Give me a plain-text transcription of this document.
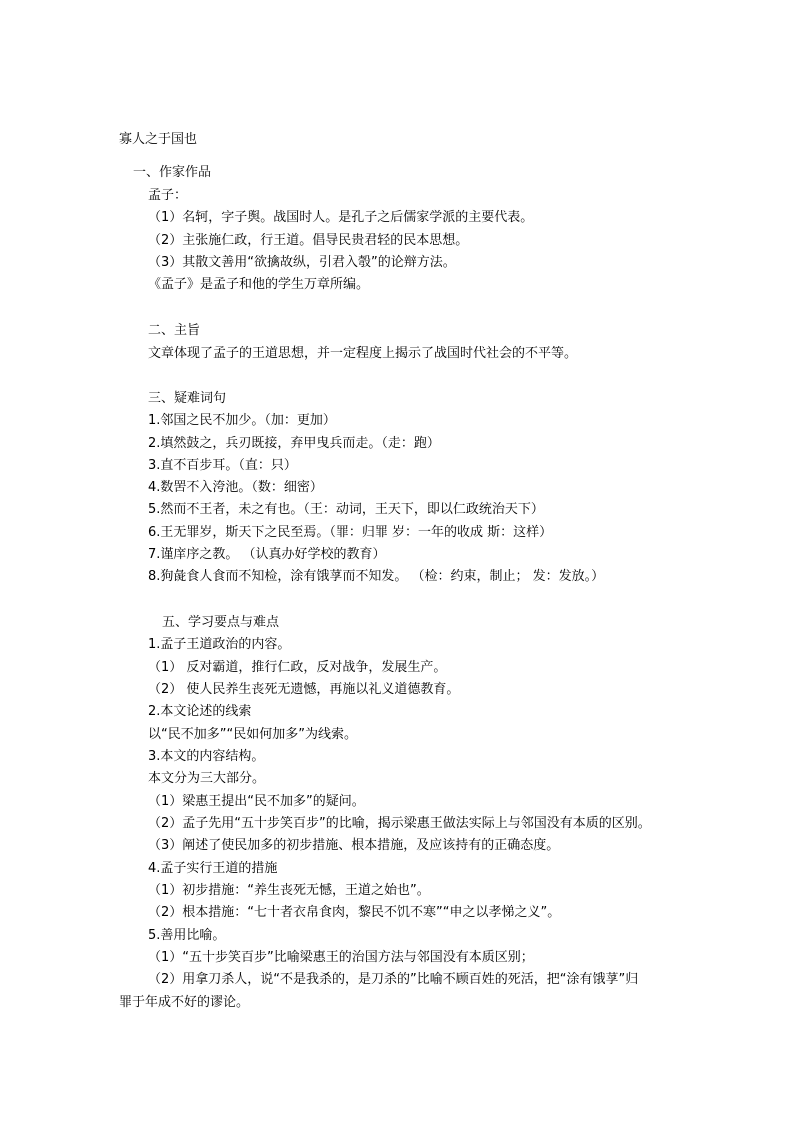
寡人之于国也
一、作家作品
孟子：
（1）名轲，字子舆。战国时人。是孔子之后儒家学派的主要代表。
（2）主张施仁政，行王道。倡导民贵君轻的民本思想。
（3）其散文善用“欲擒故纵，引君入彀”的论辩方法。
《孟子》是孟子和他的学生万章所编。
二、主旨
文章体现了孟子的王道思想，并一定程度上揭示了战国时代社会的不平等。
三、疑难词句
1.邻国之民不加少。（加：更加）
2.填然鼓之，兵刃既接，弃甲曳兵而走。（走：跑）
3.直不百步耳。（直：只）
4.数罟不入洿池。（数：细密）
5.然而不王者，未之有也。（王：动词，王天下，即以仁政统治天下）
6.王无罪岁，斯天下之民至焉。（罪：归罪 岁：一年的收成 斯：这样）
7.谨庠序之教。 （认真办好学校的教育）
8.狗彘食人食而不知检，涂有饿莩而不知发。 （检：约束，制止； 发：发放。）
五、学习要点与难点
1.孟子王道政治的内容。
（1） 反对霸道，推行仁政，反对战争，发展生产。
（2） 使人民养生丧死无遗憾，再施以礼义道德教育。
2.本文论述的线索
以“民不加多”“民如何加多”为线索。
3.本文的内容结构。
本文分为三大部分。
（1）梁惠王提出“民不加多”的疑问。
（2）孟子先用“五十步笑百步”的比喻，揭示梁惠王做法实际上与邻国没有本质的区别。
（3）阐述了使民加多的初步措施、根本措施，及应该持有的正确态度。
4.孟子实行王道的措施
（1）初步措施：“养生丧死无憾，王道之始也”。
（2）根本措施：“七十者衣帛食肉，黎民不饥不寒”“申之以孝悌之义”。
5.善用比喻。
（1）“五十步笑百步”比喻梁惠王的治国方法与邻国没有本质区别；
（2）用拿刀杀人，说“不是我杀的，是刀杀的”比喻不顾百姓的死活，把“涂有饿莩”归
罪于年成不好的谬论。
